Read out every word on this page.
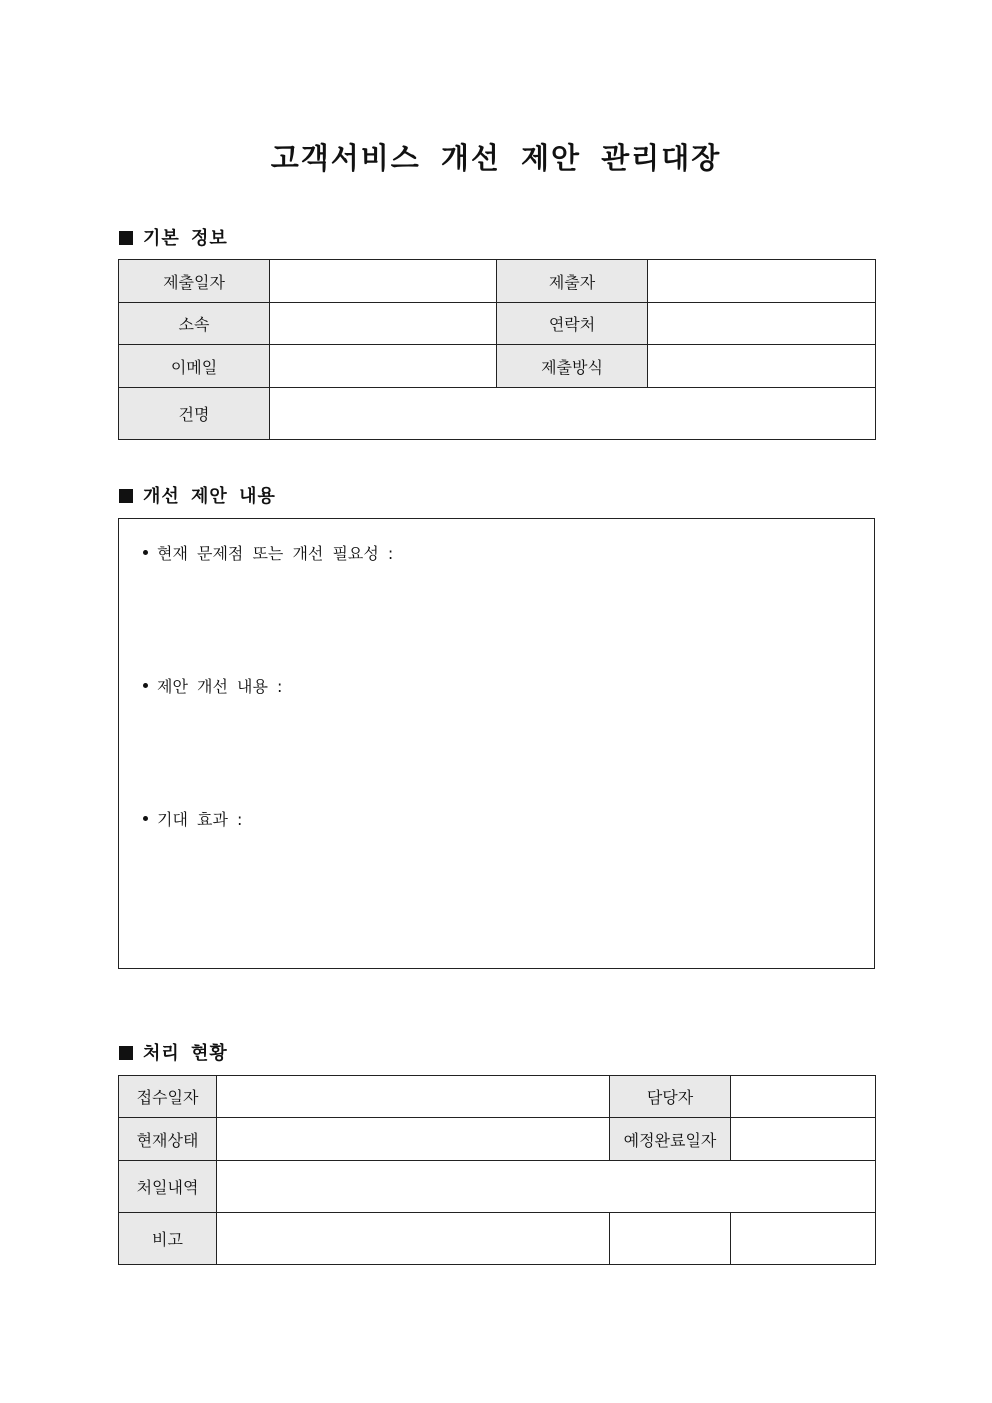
고객서비스 개선 제안 관리대장
기본 정보
제출일자		제출자	
소속		연락처	
이메일		제출방식	
건명			
개선 제안 내용
현재 문제점 또는 개선 필요성 :
제안 개선 내용 :
기대 효과 :
처리 현황
접수일자		담당자	
현재상태		예정완료일자	
처일내역			
비고			
